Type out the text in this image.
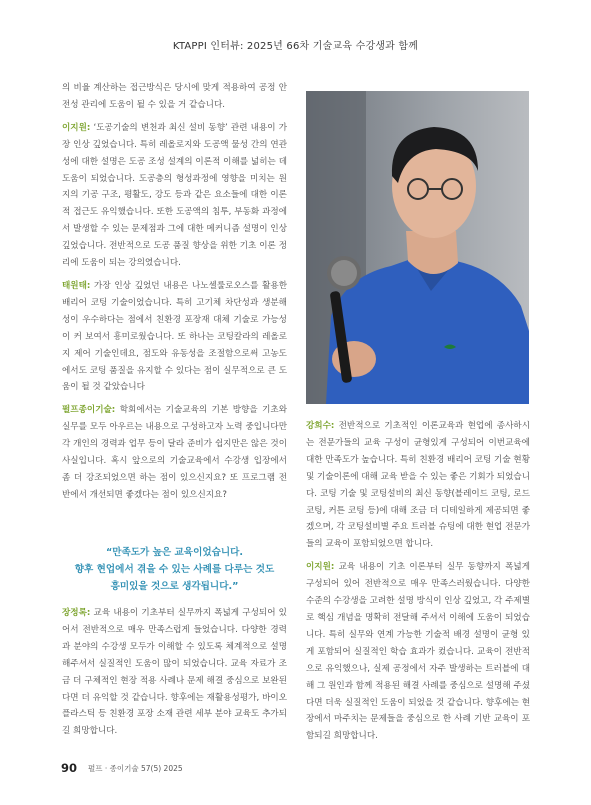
KTAPPI 인터뷰: 2025년 66차 기술교육 수강생과 함께

의 비율 계산하는 접근방식은 당시에 맞게 적용하여 공정 안전성 관리에 도움이 될 수 있을 거 같습니다.

이지원: ‘도공기술의 변천과 최신 설비 동향’ 관련 내용이 가장 인상 깊었습니다. 특히 레올로지와 도공액 물성 간의 연관성에 대한 설명은 도공 조성 설계의 이론적 이해를 넓히는 데 도움이 되었습니다. 도공층의 형성과정에 영향을 미치는 원지의 기공 구조, 평활도, 강도 등과 같은 요소들에 대한 이론적 접근도 유익했습니다. 또한 도공액의 침투, 부동화 과정에서 발생할 수 있는 문제점과 그에 대한 메커니즘 설명이 인상 깊었습니다. 전반적으로 도공 품질 향상을 위한 기초 이론 정리에 도움이 되는 강의였습니다.

태원태: 가장 인상 깊었던 내용은 나노셀룰로오스를 활용한 배리어 코팅 기술이었습니다. 특히 고기체 차단성과 생분해성이 우수하다는 점에서 친환경 포장재 대체 기술로 가능성이 커 보여서 흥미로웠습니다. 또 하나는 코팅칼라의 레올로지 제어 기술인데요, 점도와 유동성을 조절함으로써 고농도에서도 코팅 품질을 유지할 수 있다는 점이 실무적으로 큰 도움이 될 것 같았습니다

펄프종이기술: 학회에서는 기술교육의 기본 방향을 기초와 실무를 모두 아우르는 내용으로 구성하고자 노력 중입니다만 각 개인의 경력과 업무 등이 달라 준비가 쉽지만은 않은 것이 사실입니다. 혹시 앞으로의 기술교육에서 수강생 입장에서 좀 더 강조되었으면 하는 점이 있으신지요? 또 프로그램 전반에서 개선되면 좋겠다는 점이 있으신지요?

“만족도가 높은 교육이었습니다.
향후 현업에서 겪을 수 있는 사례를 다루는 것도
흥미있을 것으로 생각됩니다.”

장정록: 교육 내용이 기초부터 실무까지 폭넓게 구성되어 있어서 전반적으로 매우 만족스럽게 들었습니다. 다양한 경력과 분야의 수강생 모두가 이해할 수 있도록 체계적으로 설명해주셔서 실질적인 도움이 많이 되었습니다. 교육 자료가 조금 더 구체적인 현장 적용 사례나 문제 해결 중심으로 보완된다면 더 유익할 것 같습니다. 향후에는 재활용성평가, 바이오 플라스틱 등 친환경 포장 소재 관련 세부 분야 교육도 추가되길 희망합니다.

강희수: 전반적으로 기초적인 이론교육과 현업에 종사하시는 전문가들의 교육 구성이 균형있게 구성되어 이번교육에 대한 만족도가 높습니다. 특히 친환경 배리어 코팅 기술 현황 및 기술이론에 대해 교육 받을 수 있는 좋은 기회가 되었습니다. 코팅 기술 및 코팅설비의 최신 동향(블레이드 코팅, 로드코팅, 커튼 코팅 등)에 대해 조금 더 디테일하게 제공되면 좋겠으며, 각 코팅설비별 주요 트러블 슈팅에 대한 현업 전문가들의 교육이 포함되었으면 합니다.

이지원: 교육 내용이 기초 이론부터 실무 동향까지 폭넓게 구성되어 있어 전반적으로 매우 만족스러웠습니다. 다양한 수준의 수강생을 고려한 설명 방식이 인상 깊었고, 각 주제별로 핵심 개념을 명확히 전달해 주셔서 이해에 도움이 되었습니다. 특히 실무와 연계 가능한 기술적 배경 설명이 균형 있게 포함되어 실질적인 학습 효과가 컸습니다. 교육이 전반적으로 유익했으나, 실제 공정에서 자주 발생하는 트러블에 대해 그 원인과 함께 적용된 해결 사례를 중심으로 설명해 주셨다면 더욱 실질적인 도움이 되었을 것 같습니다. 향후에는 현장에서 마주치는 문제들을 중심으로 한 사례 기반 교육이 포함되길 희망합니다.

90 펄프 · 종이기술 57(5) 2025
